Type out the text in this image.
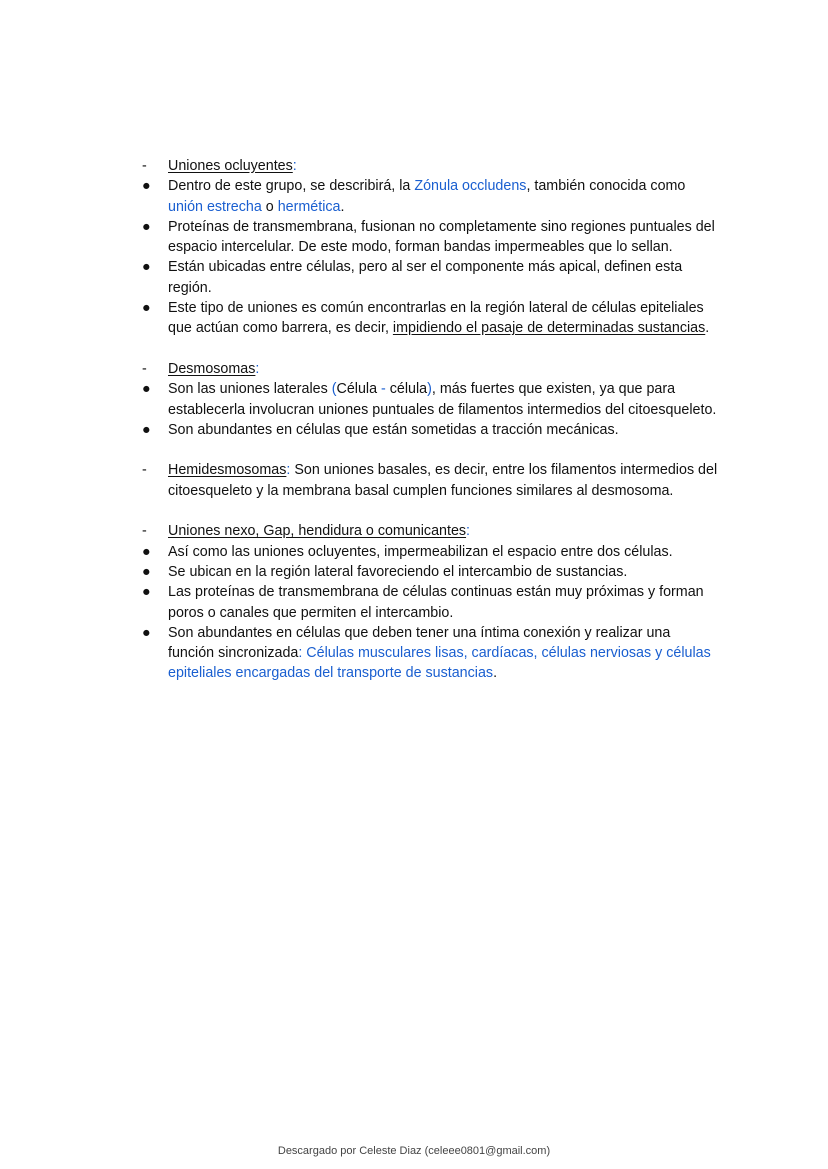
-	Uniones ocluyentes:
●	Dentro de este grupo, se describirá, la Zónula occludens, también conocida como unión estrecha o hermética.
●	Proteínas de transmembrana, fusionan no completamente sino regiones puntuales del espacio intercelular. De este modo, forman bandas impermeables que lo sellan.
●	Están ubicadas entre células, pero al ser el componente más apical, definen esta región.
●	Este tipo de uniones es común encontrarlas en la región lateral de células epiteliales que actúan como barrera, es decir, impidiendo el pasaje de determinadas sustancias.
-	Desmosomas:
●	Son las uniones laterales (Célula - célula), más fuertes que existen, ya que para establecerla involucran uniones puntuales de filamentos intermedios del citoesqueleto.
●	Son abundantes en células que están sometidas a tracción mecánicas.
-	Hemidesmosomas: Son uniones basales, es decir, entre los filamentos intermedios del citoesqueleto y la membrana basal cumplen funciones similares al desmosoma.
-	Uniones nexo, Gap, hendidura o comunicantes:
●	Así como las uniones ocluyentes, impermeabilizan el espacio entre dos células.
●	Se ubican en la región lateral favoreciendo el intercambio de sustancias.
●	Las proteínas de transmembrana de células continuas están muy próximas y forman poros o canales que permiten el intercambio.
●	Son abundantes en células que deben tener una íntima conexión y realizar una función sincronizada: Células musculares lisas, cardíacas, células nerviosas y células epiteliales encargadas del transporte de sustancias.
Descargado por Celeste Diaz (celeee0801@gmail.com)
